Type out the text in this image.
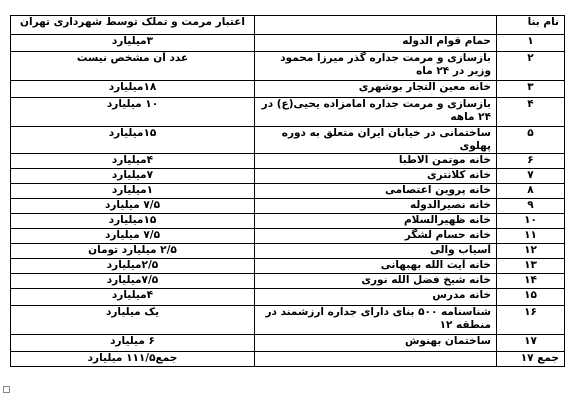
نام بنا		اعتبار مرمت و تملک توسط شهرداری تهران
۱	حمام قوام الدوله	۳میلیارد
۲	بازسازی و مرمت جداره گذر میرزا محمود وزیر در ۲۴ ماه	عدد آن مشخص نیست
۳	خانه معین التجار بوشهری	۱۸میلیارد
۴	بازسازی و مرمت جداره امامزاده یحیی(ع) در ۲۴ ماهه	۱۰ میلیارد
۵	ساختمانی در خیابان ایران متعلق به دوره پهلوی	۱۵میلیارد
۶	خانه موتمن الاطبا	۴میلیارد
۷	خانه کلانتری	۷میلیارد
۸	خانه پروین اعتصامی	۱میلیارد
۹	خانه نصیرالدوله	۷/۵ میلیارد
۱۰	خانه ظهیرالسلام	۱۵میلیارد
۱۱	خانه حسام لشگر	۷/۵ میلیارد
۱۲	آسیاب والی	۲/۵ میلیارد تومان
۱۳	خانه آیت الله بهبهانی	۲/۵میلیارد
۱۴	خانه شیخ فضل الله نوری	۷/۵میلیارد
۱۵	خانه مدرس	۴میلیارد
۱۶	شناسنامه ۵۰۰ بنای دارای جداره ارزشمند در منطقه ۱۲	یک میلیارد
۱۷	ساختمان بهنوش	۶ میلیارد
جمع ۱۷		جمع۱۱۱/۵ میلیارد
